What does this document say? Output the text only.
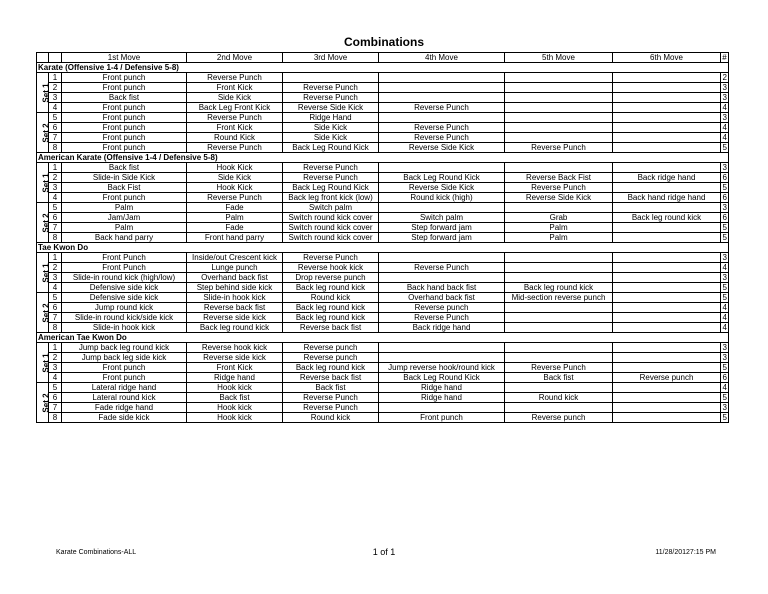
Combinations
		1st Move	2nd Move	3rd Move	4th Move	5th Move	6th Move	#
Karate (Offensive 1-4 / Defensive 5-8)								
Set 1	1	Front punch	Reverse Punch					2
	2	Front punch	Front Kick	Reverse Punch				3
	3	Back fist	Side Kick	Reverse Punch				3
	4	Front punch	Back Leg Front Kick	Reverse Side Kick	Reverse Punch			4
Set 2	5	Front punch	Reverse Punch	Ridge Hand				3
	6	Front punch	Front Kick	Side Kick	Reverse Punch			4
	7	Front punch	Round Kick	Side Kick	Reverse Punch			4
	8	Front punch	Reverse Punch	Back Leg Round Kick	Reverse Side Kick	Reverse Punch		5
American Karate (Offensive 1-4 / Defensive 5-8)								
Set 1	1	Back fist	Hook Kick	Reverse Punch				3
	2	Slide-in Side Kick	Side Kick	Reverse Punch	Back Leg Round Kick	Reverse Back Fist	Back ridge hand	6
	3	Back Fist	Hook Kick	Back Leg Round Kick	Reverse Side Kick	Reverse Punch		5
	4	Front punch	Reverse Punch	Back leg front kick (low)	Round kick (high)	Reverse Side Kick	Back hand ridge hand	6
Set 2	5	Palm	Fade	Switch palm				3
	6	Jam/Jam	Palm	Switch round kick cover	Switch palm	Grab	Back leg round kick	6
	7	Palm	Fade	Switch round kick cover	Step forward jam	Palm		5
	8	Back hand parry	Front hand parry	Switch round kick cover	Step forward jam	Palm		5
Tae Kwon Do								
Set 1	1	Front Punch	Inside/out Crescent kick	Reverse Punch				3
	2	Front Punch	Lunge punch	Reverse hook kick	Reverse Punch			4
	3	Slide-in round kick (high/low)	Overhand back fist	Drop reverse punch				3
	4	Defensive side kick	Step behind side kick	Back leg round kick	Back hand back fist	Back leg round kick		5
Set 2	5	Defensive side kick	Slide-in hook kick	Round kick	Overhand back fist	Mid-section reverse punch		5
	6	Jump round kick	Reverse back fist	Back leg round kick	Reverse punch			4
	7	Slide-in round kick/side kick	Reverse side kick	Back leg round kick	Reverse Punch			4
	8	Slide-in hook kick	Back leg round kick	Reverse back fist	Back ridge hand			4
American Tae Kwon Do								
Set 1	1	Jump back leg round kick	Reverse hook kick	Reverse punch				3
	2	Jump back leg side kick	Reverse side kick	Reverse punch				3
	3	Front punch	Front Kick	Back leg round kick	Jump reverse hook/round kick	Reverse Punch		5
	4	Front punch	Ridge hand	Reverse back fist	Back Leg Round Kick	Back fist	Reverse punch	6
Set 2	5	Lateral ridge hand	Hook kick	Back fist	Ridge hand			4
	6	Lateral round kick	Back fist	Reverse Punch	Ridge hand	Round kick		5
	7	Fade ridge hand	Hook kick	Reverse Punch				3
	8	Fade side kick	Hook kick	Round kick	Front punch	Reverse punch		5
Karate Combinations-ALL	1 of 1	11/28/20127:15 PM
